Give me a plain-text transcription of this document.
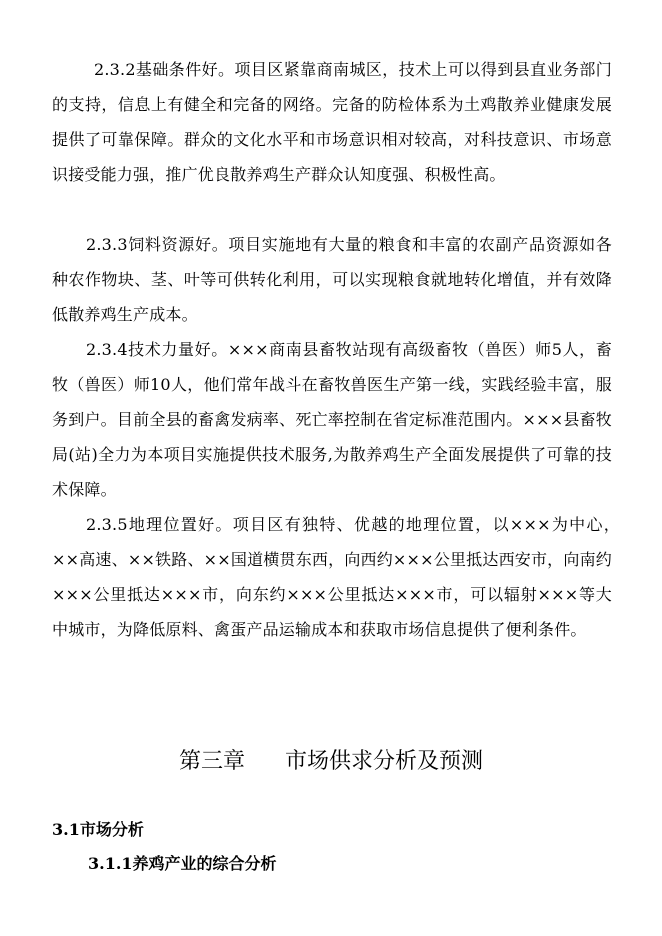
2.3.2基础条件好。项目区紧靠商南城区，技术上可以得到县直业务部门的支持，信息上有健全和完备的网络。完备的防检体系为土鸡散养业健康发展提供了可靠保障。群众的文化水平和市场意识相对较高，对科技意识、市场意识接受能力强，推广优良散养鸡生产群众认知度强、积极性高。

2.3.3饲料资源好。项目实施地有大量的粮食和丰富的农副产品资源如各种农作物块、茎、叶等可供转化利用，可以实现粮食就地转化增值，并有效降低散养鸡生产成本。

2.3.4技术力量好。×××商南县畜牧站现有高级畜牧（兽医）师5人，畜牧（兽医）师10人，他们常年战斗在畜牧兽医生产第一线，实践经验丰富，服务到户。目前全县的畜禽发病率、死亡率控制在省定标准范围内。×××县畜牧局(站)全力为本项目实施提供技术服务,为散养鸡生产全面发展提供了可靠的技术保障。

2.3.5地理位置好。项目区有独特、优越的地理位置，以×××为中心，　××高速、××铁路、××国道横贯东西，向西约×××公里抵达西安市，向南约×××公里抵达×××市，向东约×××公里抵达×××市，可以辐射×××等大中城市，为降低原料、禽蛋产品运输成本和获取市场信息提供了便利条件。

第三章 市场供求分析及预测
3.1市场分析
3.1.1养鸡产业的综合分析
